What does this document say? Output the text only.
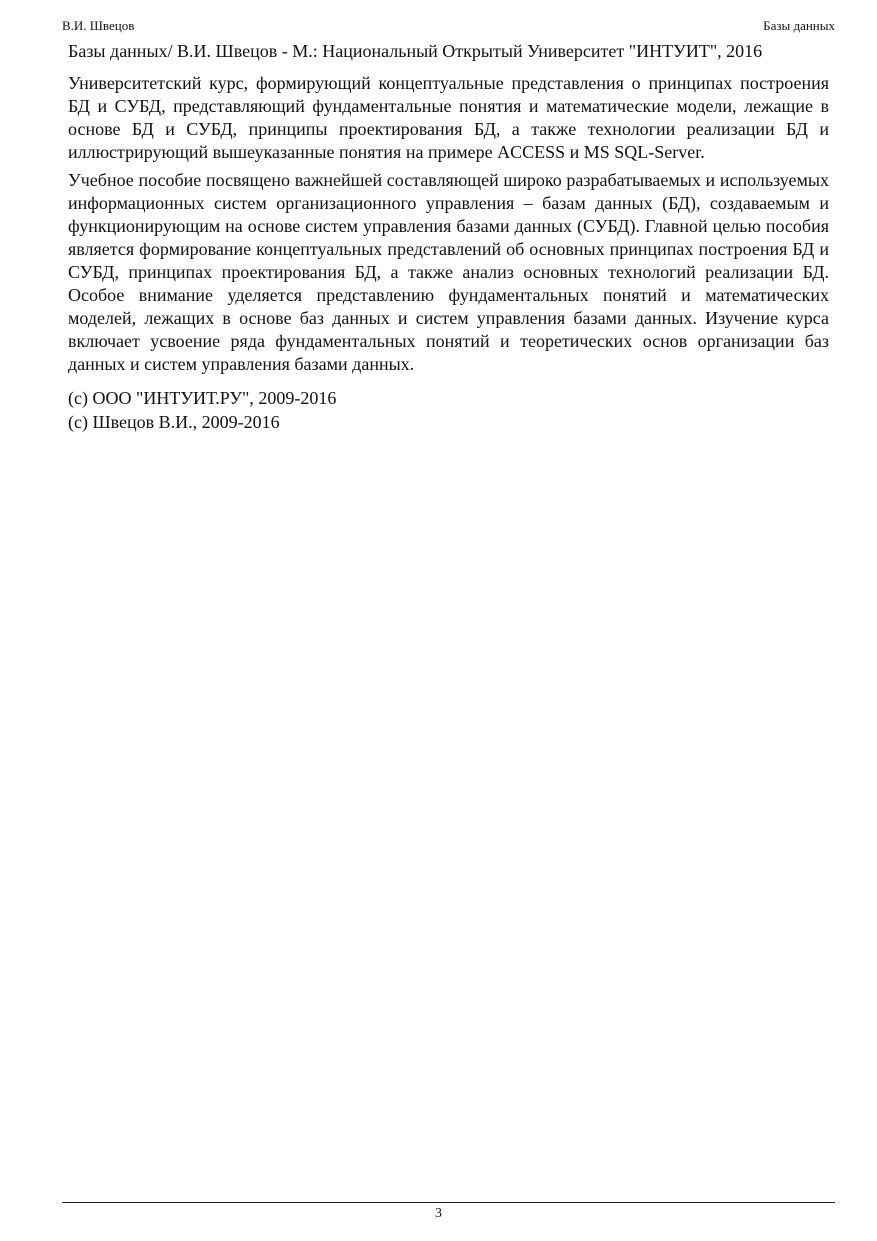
В.И. Швецов	Базы данных

Базы данных/ В.И. Швецов - М.: Национальный Открытый Университет "ИНТУИТ", 2016

Университетский курс, формирующий концептуальные представления о принципах построения БД и СУБД, представляющий фундаментальные понятия и математические модели, лежащие в основе БД и СУБД, принципы проектирования БД, а также технологии реализации БД и иллюстрирующий вышеуказанные понятия на примере ACCESS и MS SQL-Server.

Учебное пособие посвящено важнейшей составляющей широко разрабатываемых и используемых информационных систем организационного управления – базам данных (БД), создаваемым и функционирующим на основе систем управления базами данных (СУБД). Главной целью пособия является формирование концептуальных представлений об основных принципах построения БД и СУБД, принципах проектирования БД, а также анализ основных технологий реализации БД. Особое внимание уделяется представлению фундаментальных понятий и математических моделей, лежащих в основе баз данных и систем управления базами данных. Изучение курса включает усвоение ряда фундаментальных понятий и теоретических основ организации баз данных и систем управления базами данных.

(c) ООО "ИНТУИТ.РУ", 2009-2016

(c) Швецов В.И., 2009-2016

3
